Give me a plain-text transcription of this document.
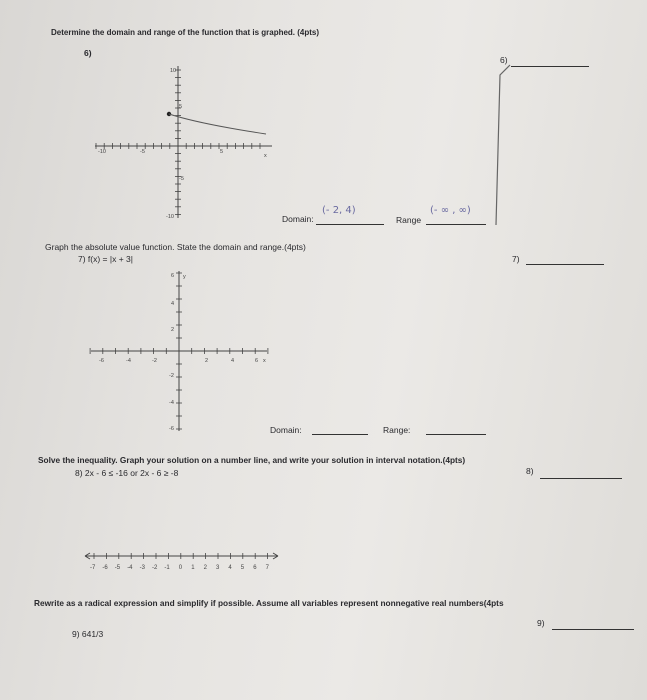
Determine the domain and range of the function that is graphed. (4pts)
6)
6)
10
5
-5
-10
-10	-5	5
x
Domain:
(- 2, 4)
Range
(- ∞ , ∞)
Graph the absolute value function. State the domain and range.(4pts)
7) f(x) = |x + 3|	7)
y
6
4
2
-2
-4
-6
-6	-4	-2	2	4	6 x
Domain:	Range:
Solve the inequality. Graph your solution on a number line, and write your solution in interval notation.(4pts)
8) 2x - 6 ≤ -16 or 2x - 6 ≥ -8	8)
-7 -6 -5 -4 -3 -2 -1 0 1 2 3 4 5 6 7
Rewrite as a radical expression and simplify if possible. Assume all variables represent nonnegative real numbers(4pts
9)
9) 641/3
